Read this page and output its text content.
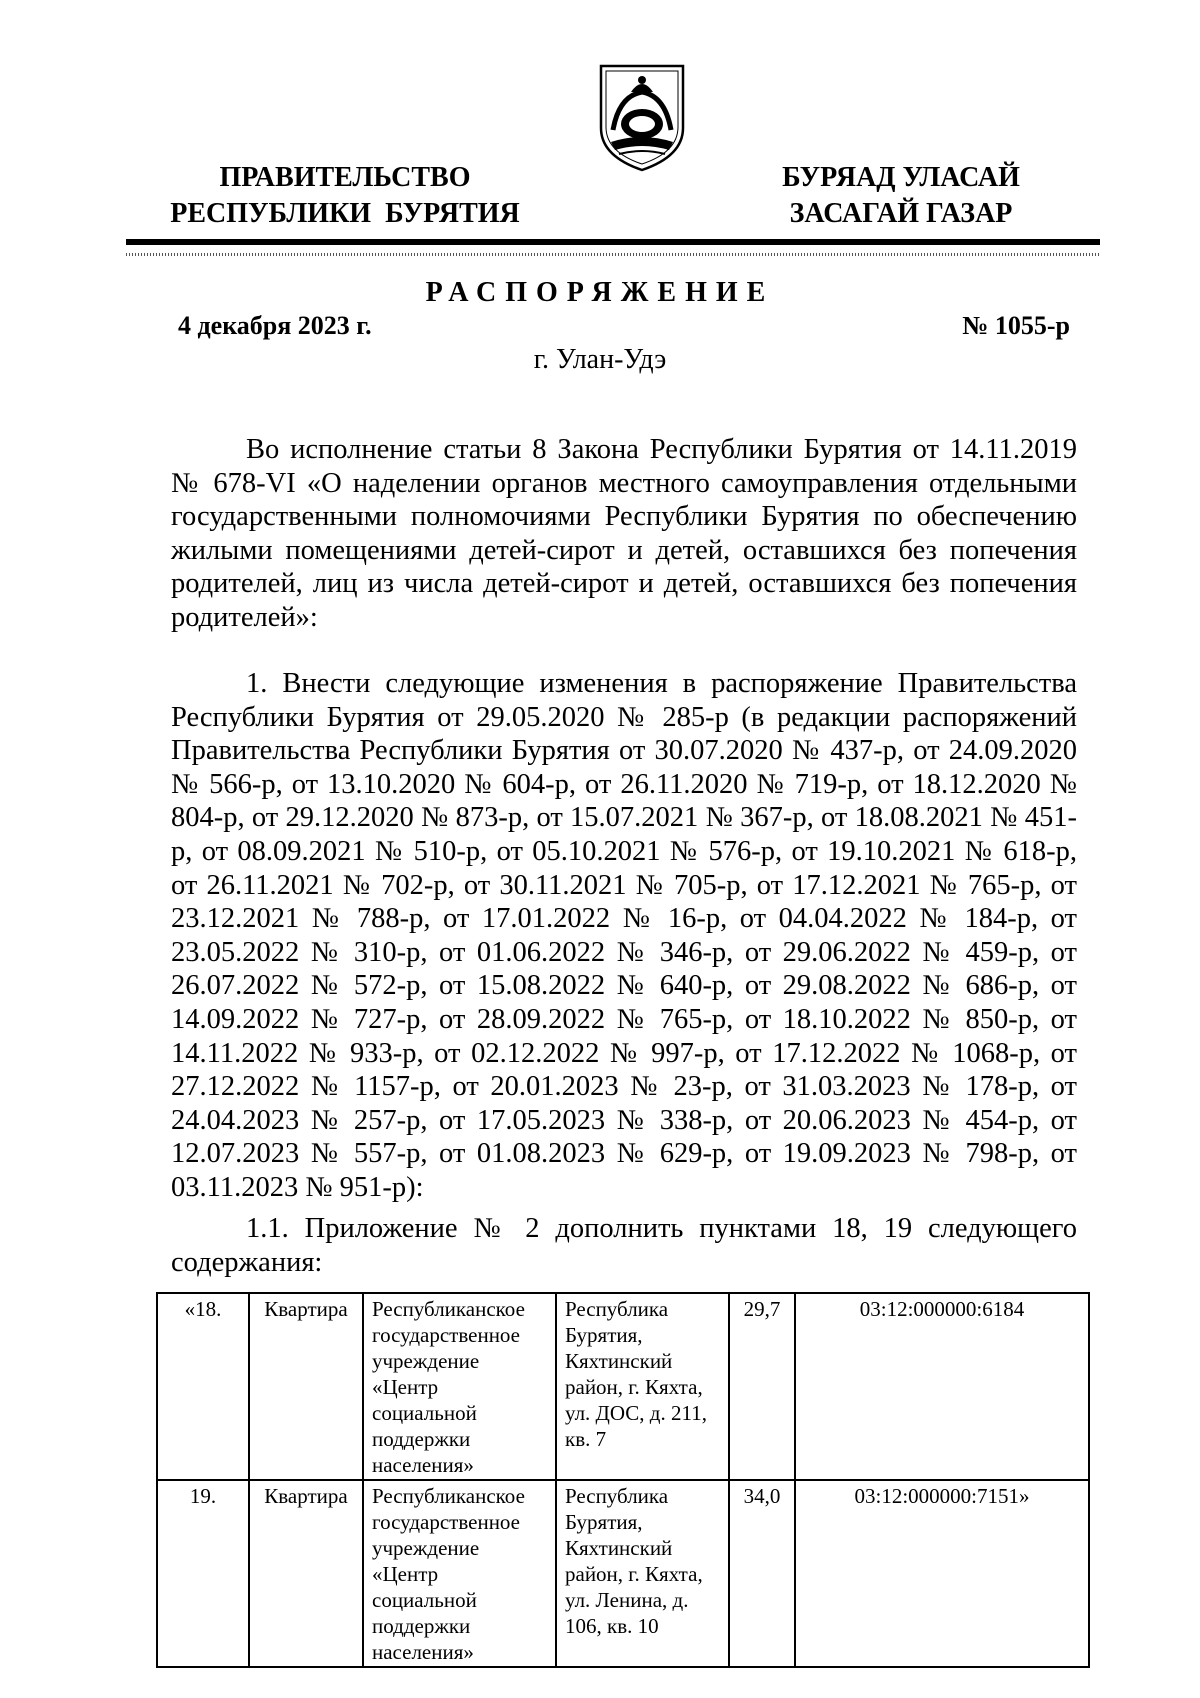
ПРАВИТЕЛЬСТВО
РЕСПУБЛИКИ  БУРЯТИЯ
БУРЯАД УЛАСАЙ
ЗАСАГАЙ ГАЗАР
РАСПОРЯЖЕНИЕ
4 декабря 2023 г.	№ 1055-р
г. Улан-Удэ

Во исполнение статьи 8 Закона Республики Бурятия от 14.11.2019 № 678-VI «О наделении органов местного самоуправления отдельными государственными полномочиями Республики Бурятия по обеспечению жилыми помещениями детей-сирот и детей, оставшихся без попечения родителей, лиц из числа детей-сирот и детей, оставшихся без попечения родителей»:

1. Внести следующие изменения в распоряжение Правительства Республики Бурятия от 29.05.2020 № 285-р (в редакции распоряжений Правительства Республики Бурятия от 30.07.2020 № 437-р, от 24.09.2020 № 566-р, от 13.10.2020 № 604-р, от 26.11.2020 № 719-р, от 18.12.2020 № 804-р, от 29.12.2020 № 873-р, от 15.07.2021 № 367-р, от 18.08.2021 № 451-р, от 08.09.2021 № 510-р, от 05.10.2021 № 576-р, от 19.10.2021 № 618-р, от 26.11.2021 № 702-р, от 30.11.2021 № 705-р, от 17.12.2021 № 765-р, от 23.12.2021 № 788-р, от 17.01.2022 № 16-р, от 04.04.2022 № 184-р, от 23.05.2022 № 310-р, от 01.06.2022 № 346-р, от 29.06.2022 № 459-р, от 26.07.2022 № 572-р, от 15.08.2022 № 640-р, от 29.08.2022 № 686-р, от 14.09.2022 № 727-р, от 28.09.2022 № 765-р, от 18.10.2022 № 850-р, от 14.11.2022 № 933-р, от 02.12.2022 № 997-р, от 17.12.2022 № 1068-р, от 27.12.2022 № 1157-р, от 20.01.2023 № 23-р, от 31.03.2023 № 178-р, от 24.04.2023 № 257-р, от 17.05.2023 № 338-р, от 20.06.2023 № 454-р, от 12.07.2023 № 557-р, от 01.08.2023 № 629-р, от 19.09.2023 № 798-р, от 03.11.2023 № 951-р):

1.1. Приложение № 2 дополнить пунктами 18, 19 следующего содержания:

«18.	Квартира	Республиканское государственное учреждение «Центр социальной поддержки населения»	Республика Бурятия, Кяхтинский район, г. Кяхта, ул. ДОС, д. 211, кв. 7	29,7	03:12:000000:6184
19.	Квартира	Республиканское государственное учреждение «Центр социальной поддержки населения»	Республика Бурятия, Кяхтинский район, г. Кяхта, ул. Ленина, д. 106, кв. 10	34,0	03:12:000000:7151»
